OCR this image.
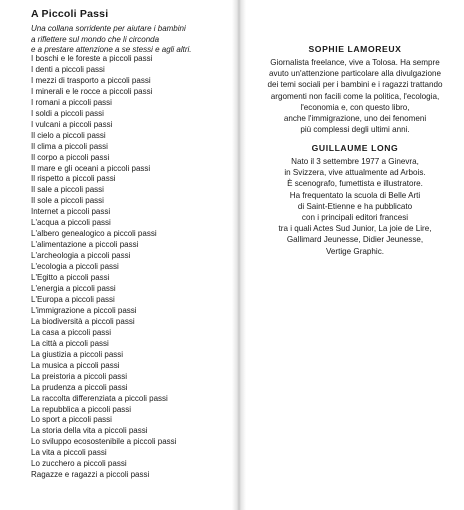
A Piccoli Passi
Una collana sorridente per aiutare i bambini
a riflettere sul mondo che li circonda
e a prestare attenzione a se stessi e agli altri.
I boschi e le foreste a piccoli passi
I denti a piccoli passi
I mezzi di trasporto a piccoli passi
I minerali e le rocce a piccoli passi
I romani a piccoli passi
I soldi a piccoli passi
I vulcani a piccoli passi
Il cielo a piccoli passi
Il clima a piccoli passi
Il corpo a piccoli passi
Il mare e gli oceani a piccoli passi
Il rispetto a piccoli passi
Il sale a piccoli passi
Il sole a piccoli passi
Internet a piccoli passi
L'acqua a piccoli passi
L'albero genealogico a piccoli passi
L'alimentazione a piccoli passi
L'archeologia a piccoli passi
L'ecologia a piccoli passi
L'Egitto a piccoli passi
L'energia a piccoli passi
L'Europa a piccoli passi
L'immigrazione a piccoli passi
La biodiversità a piccoli passi
La casa a piccoli passi
La città a piccoli passi
La giustizia a piccoli passi
La musica a piccoli passi
La preistoria a piccoli passi
La prudenza a piccoli passi
La raccolta differenziata a piccoli passi
La repubblica a piccoli passi
Lo sport a piccoli passi
La storia della vita a piccoli passi
Lo sviluppo ecosostenibile a piccoli passi
La vita a piccoli passi
Lo zucchero a piccoli passi
Ragazze e ragazzi a piccoli passi
SOPHIE LAMOREUX
Giornalista freelance, vive a Tolosa. Ha sempre
avuto un'attenzione particolare alla divulgazione
dei temi sociali per i bambini e i ragazzi trattando
argomenti non facili come la politica, l'ecologia,
l'economia e, con questo libro,
anche l'immigrazione, uno dei fenomeni
più complessi degli ultimi anni.
GUILLAUME LONG
Nato il 3 settembre 1977 a Ginevra,
in Svizzera, vive attualmente ad Arbois.
È scenografo, fumettista e illustratore.
Ha frequentato la scuola di Belle Arti
di Saint-Etienne e ha pubblicato
con i principali editori francesi
tra i quali Actes Sud Junior, La joie de Lire,
Gallimard Jeunesse, Didier Jeunesse,
Vertige Graphic.
